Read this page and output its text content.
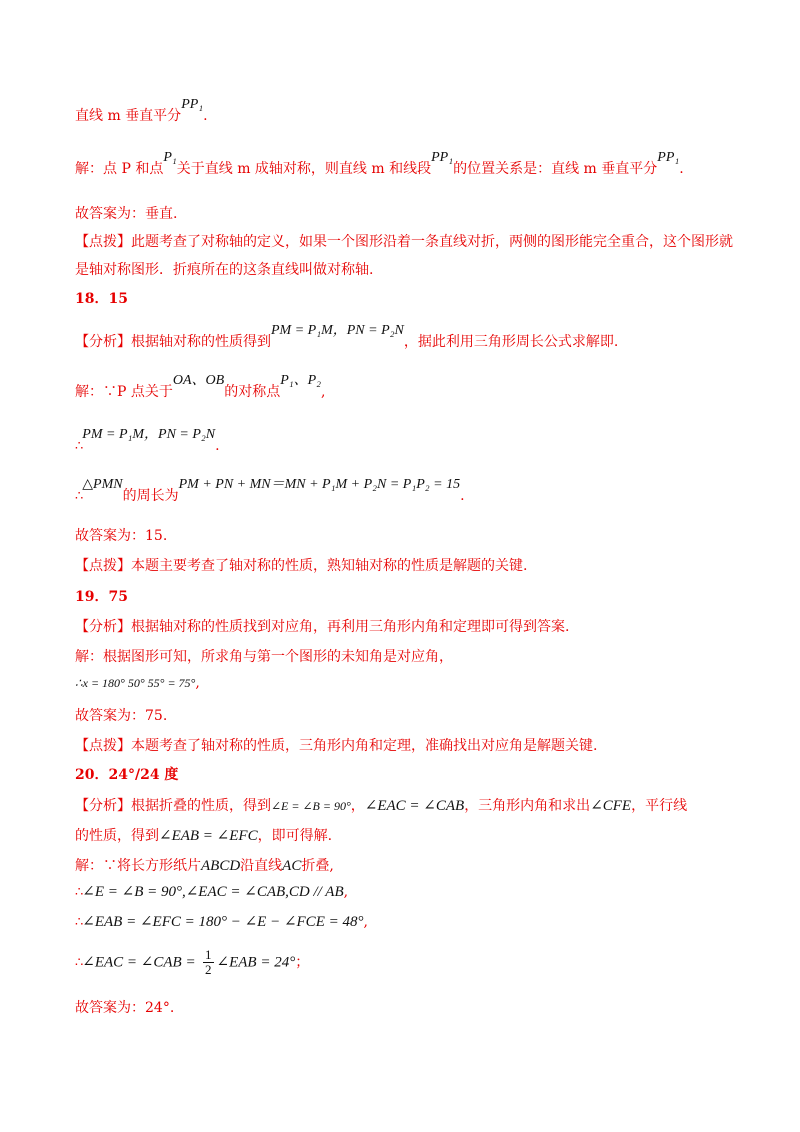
直线 m 垂直平分PP₁.
解：点 P 和点P₁关于直线 m 成轴对称，则直线 m 和线段PP₁的位置关系是：直线 m 垂直平分PP₁.
故答案为：垂直.
【点拨】此题考查了对称轴的定义，如果一个图形沿着一条直线对折，两侧的图形能完全重合，这个图形就是轴对称图形．折痕所在的这条直线叫做对称轴.
18．15
【分析】根据轴对称的性质得到PM = P₁M，PN = P₂N，据此利用三角形周长公式求解即.
解：∵P 点关于OA、OB的对称点P₁、P₂,
∴PM = P₁M，PN = P₂N.
∴△PMN的周长为PM + PN + MN＝MN + P₁M + P₂N = P₁P₂ = 15.
故答案为：15.
【点拨】本题主要考查了轴对称的性质，熟知轴对称的性质是解题的关键.
19．75
【分析】根据轴对称的性质找到对应角，再利用三角形内角和定理即可得到答案.
解：根据图形可知，所求角与第一个图形的未知角是对应角，
∴x = 180° 50° 55° = 75°,
故答案为：75.
【点拨】本题考查了轴对称的性质，三角形内角和定理，准确找出对应角是解题关键.
20．24°/24 度
【分析】根据折叠的性质，得到∠E = ∠B = 90°，∠EAC = ∠CAB，三角形内角和求出∠CFE，平行线
的性质，得到∠EAB = ∠EFC，即可得解.
解：∵将长方形纸片ABCD沿直线AC折叠,
∴∠E = ∠B = 90°,∠EAC = ∠CAB,CD // AB,
∴∠EAB = ∠EFC = 180° − ∠E − ∠FCE = 48°,
∴∠EAC = ∠CAB = $\frac{1}{2}$ ∠EAB = 24°；
故答案为：24°.
